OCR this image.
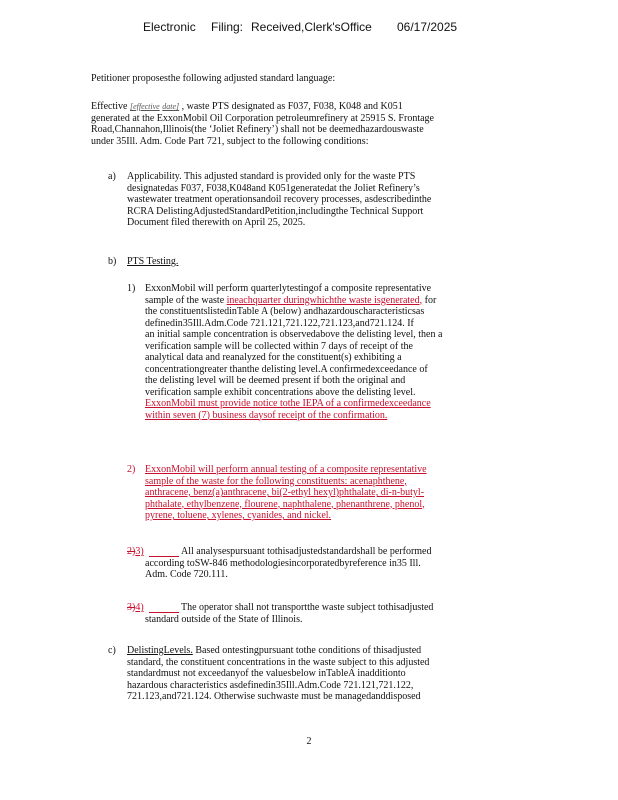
Electronic Filing: Received,Clerk'sOffice 06/17/2025
Petitioner proposesthe following adjusted standard language:
Effective [effective date] , waste PTS designated as F037, F038, K048 and K051
generated at the ExxonMobil Oil Corporation petroleumrefinery at 25915 S. Frontage
Road,Channahon,Illinois(the ‘Joliet Refinery’) shall not be deemedhazardouswaste
under 35Ill. Adm. Code Part 721, subject to the following conditions:
a) Applicability. This adjusted standard is provided only for the waste PTS
designatedas F037, F038,K048and K051generatedat the Joliet Refinery’s
wastewater treatment operationsandoil recovery processes, asdescribedinthe
RCRA DelistingAdjustedStandardPetition,includingthe Technical Support
Document filed therewith on April 25, 2025.
b) PTS Testing.
1) ExxonMobil will perform quarterlytestingof a composite representative
sample of the waste ineachquarter duringwhichthe waste isgenerated, for
the constituentslistedinTable A (below) andhazardouscharacteristicsas
definedin35Ill.Adm.Code 721.121,721.122,721.123,and721.124. If
an initial sample concentration is observedabove the delisting level, then a
verification sample will be collected within 7 days of receipt of the
analytical data and reanalyzed for the constituent(s) exhibiting a
concentrationgreater thanthe delisting level.A confirmedexceedance of
the delisting level will be deemed present if both the original and
verification sample exhibit concentrations above the delisting level.
ExxonMobil must provide notice tothe IEPA of a confirmedexceedance
within seven (7) business daysof receipt of the confirmation.
2) ExxonMobil will perform annual testing of a composite representative
sample of the waste for the following constituents: acenaphthene,
anthracene, benz(a)anthracene, bi(2-ethyl hexyl)phthalate, di-n-butyl-
phthalate, ethylbenzene, flourene, naphthalene, phenanthrene, phenol,
pyrene, toluene, xylenes, cyanides, and nickel.
2)3)	All analysespursuant tothisadjustedstandardshall be performed
according toSW-846 methodologiesincorporatedbyreference in35 Ill.
Adm. Code 720.111.
3)4)	The operator shall not transportthe waste subject tothisadjusted
standard outside of the State of Illinois.
c) DelistingLevels. Based ontestingpursuant tothe conditions of thisadjusted
standard, the constituent concentrations in the waste subject to this adjusted
standardmust not exceedanyof the valuesbelow inTableA inadditionto
hazardous characteristics asdefinedin35Ill.Adm.Code 721.121,721.122,
721.123,and721.124. Otherwise suchwaste must be managedanddisposed
2
